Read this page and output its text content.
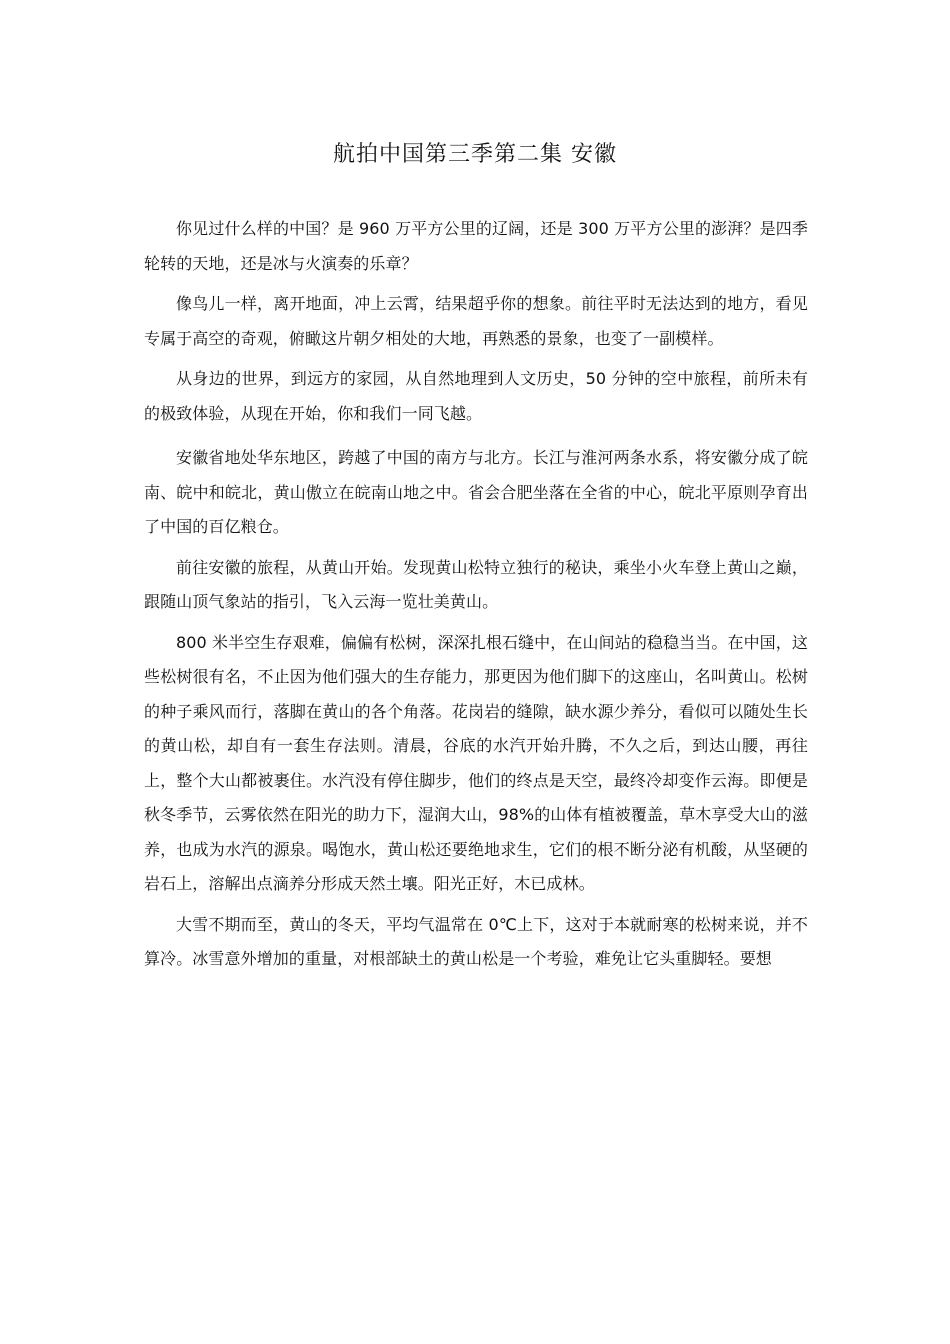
航拍中国第三季第二集 安徽

你见过什么样的中国？是 960 万平方公里的辽阔，还是 300 万平方公里的澎湃？是四季轮转的天地，还是冰与火演奏的乐章？

像鸟儿一样，离开地面，冲上云霄，结果超乎你的想象。前往平时无法达到的地方，看见专属于高空的奇观，俯瞰这片朝夕相处的大地，再熟悉的景象，也变了一副模样。

从身边的世界，到远方的家园，从自然地理到人文历史，50 分钟的空中旅程，前所未有的极致体验，从现在开始，你和我们一同飞越。

安徽省地处华东地区，跨越了中国的南方与北方。长江与淮河两条水系，将安徽分成了皖南、皖中和皖北，黄山傲立在皖南山地之中。省会合肥坐落在全省的中心，皖北平原则孕育出了中国的百亿粮仓。

前往安徽的旅程，从黄山开始。发现黄山松特立独行的秘诀，乘坐小火车登上黄山之巅，跟随山顶气象站的指引，飞入云海一览壮美黄山。

800 米半空生存艰难，偏偏有松树，深深扎根石缝中，在山间站的稳稳当当。在中国，这些松树很有名，不止因为他们强大的生存能力，那更因为他们脚下的这座山，名叫黄山。松树的种子乘风而行，落脚在黄山的各个角落。花岗岩的缝隙，缺水源少养分，看似可以随处生长的黄山松，却自有一套生存法则。清晨，谷底的水汽开始升腾，不久之后，到达山腰，再往上，整个大山都被裹住。水汽没有停住脚步，他们的终点是天空，最终冷却变作云海。即便是秋冬季节，云雾依然在阳光的助力下，湿润大山，98%的山体有植被覆盖，草木享受大山的滋养，也成为水汽的源泉。喝饱水，黄山松还要绝地求生，它们的根不断分泌有机酸，从坚硬的岩石上，溶解出点滴养分形成天然土壤。阳光正好，木已成林。

大雪不期而至，黄山的冬天，平均气温常在 0℃上下，这对于本就耐寒的松树来说，并不算冷。冰雪意外增加的重量，对根部缺土的黄山松是一个考验，难免让它头重脚轻。要想
